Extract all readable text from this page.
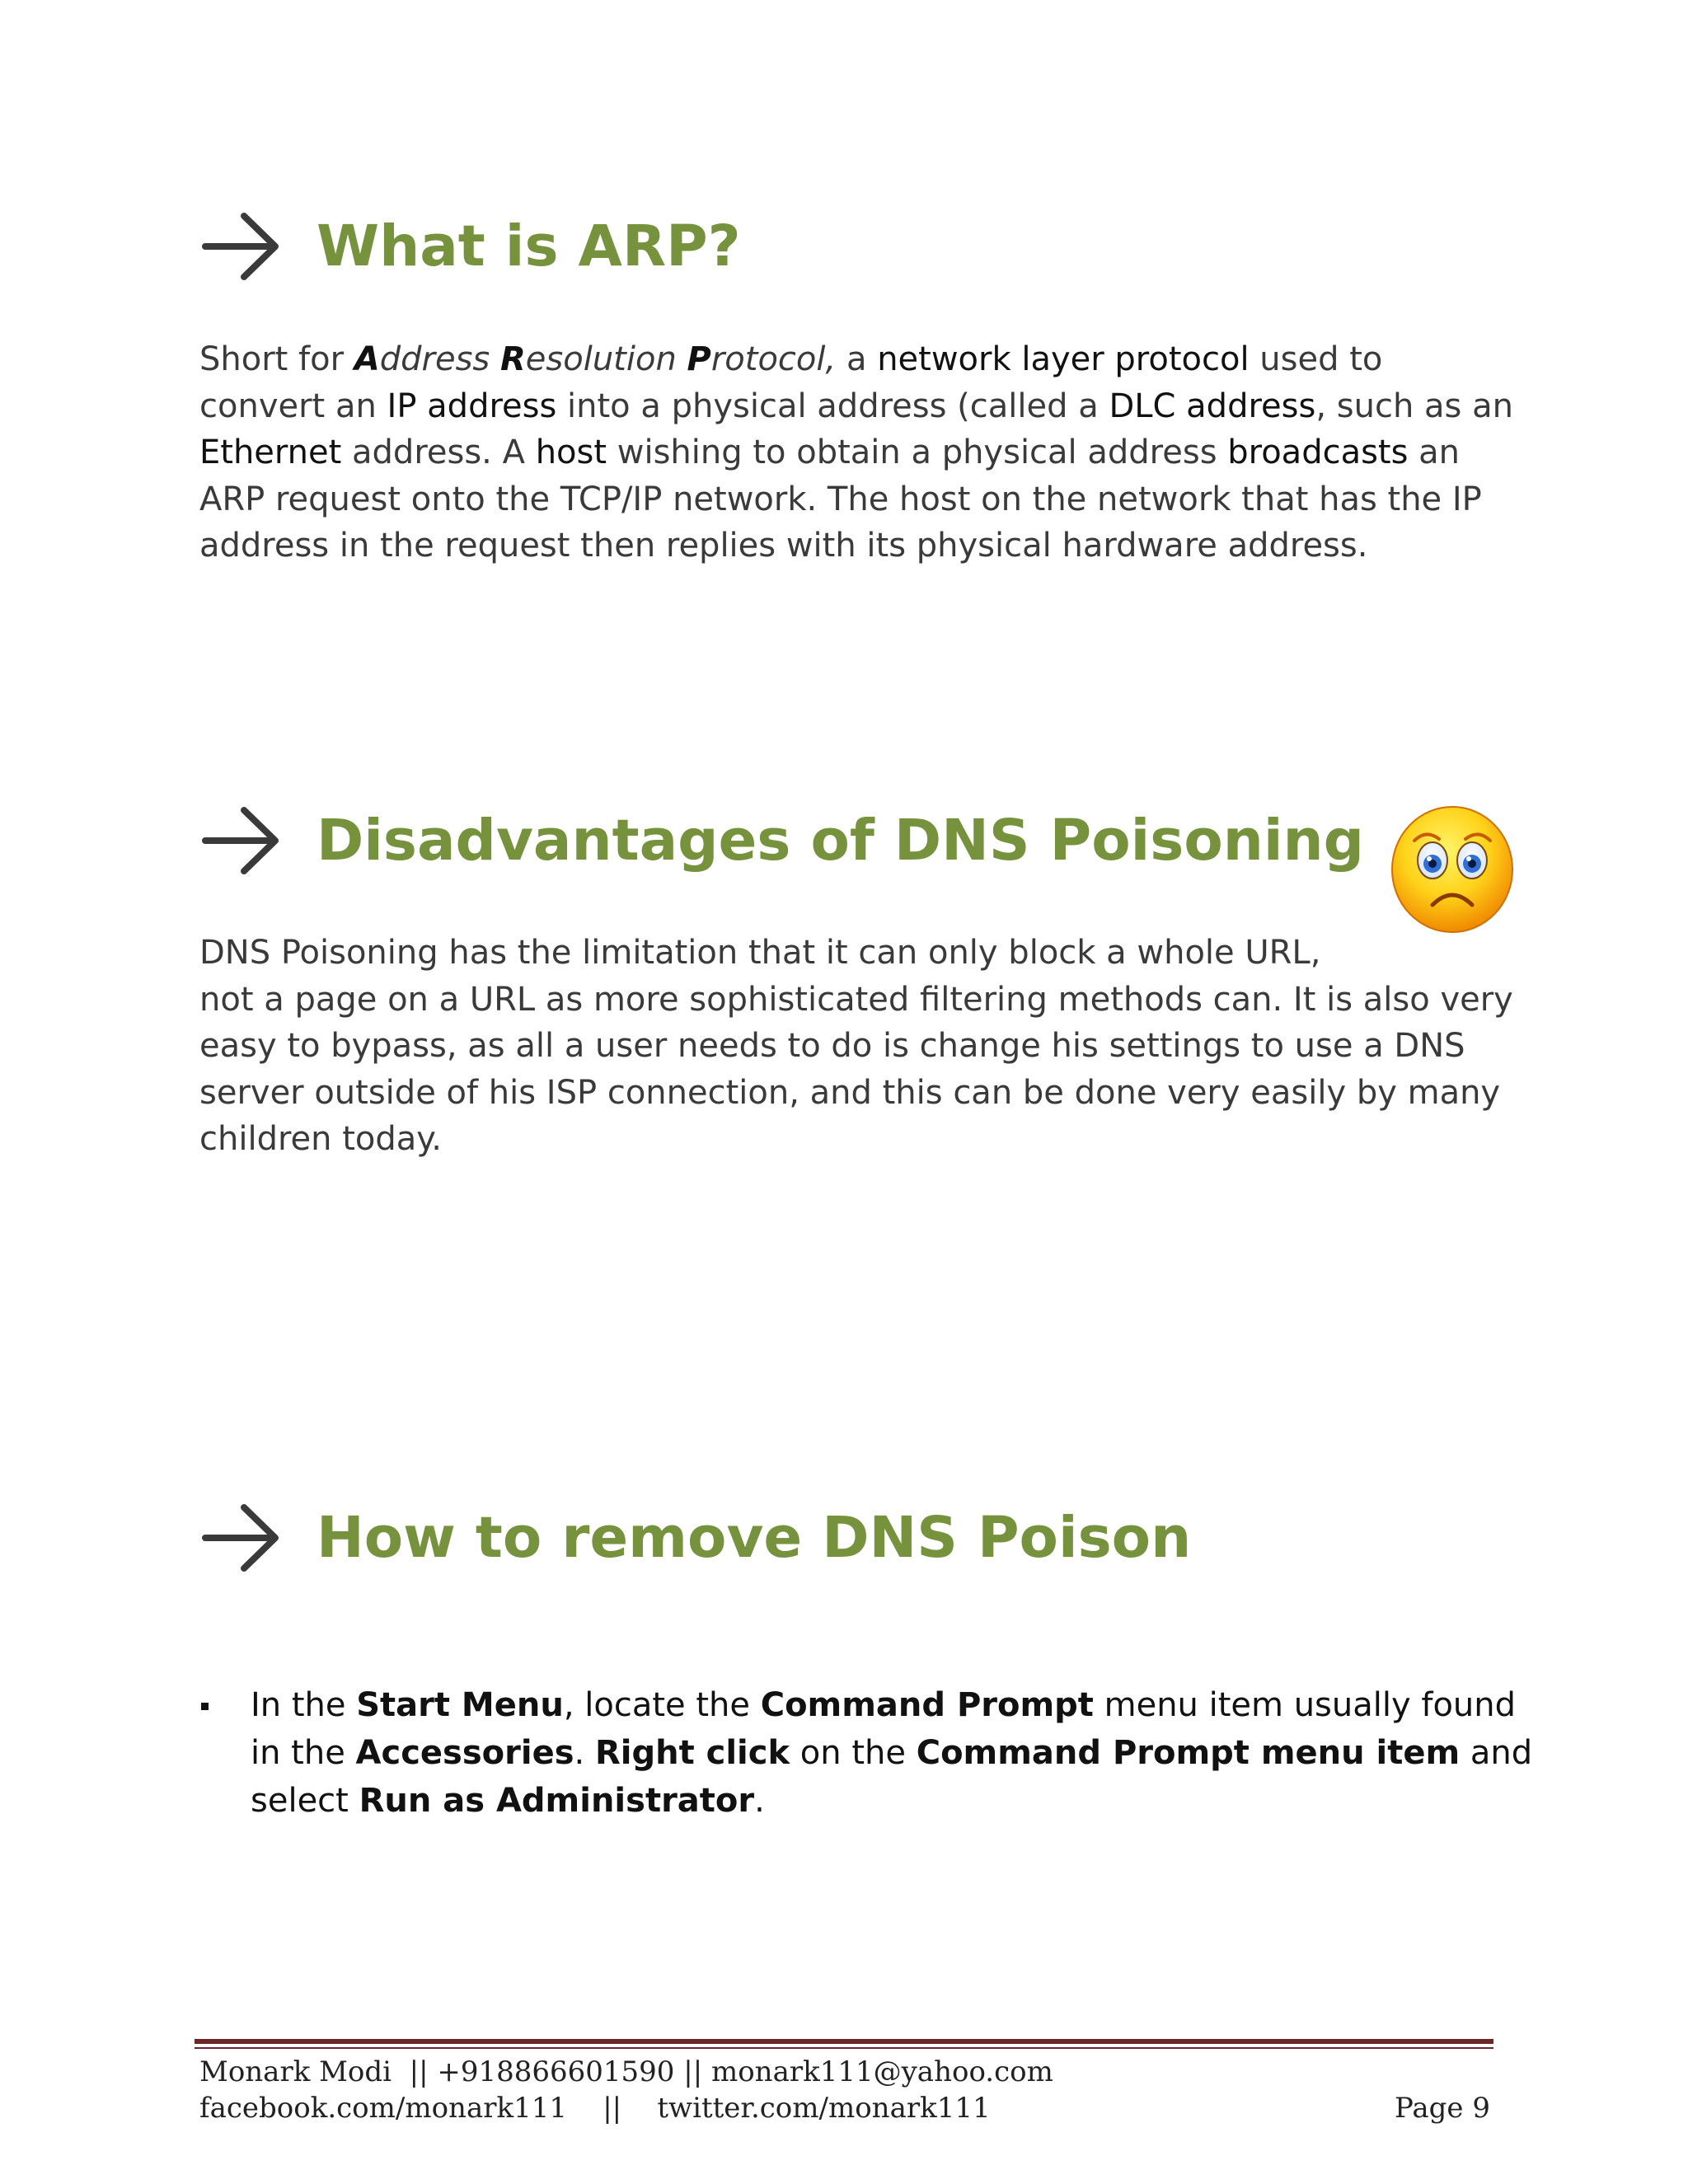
What is ARP?

Short for Address Resolution Protocol, a network layer protocol used to convert an IP address into a physical address (called a DLC address, such as an Ethernet address. A host wishing to obtain a physical address broadcasts an ARP request onto the TCP/IP network. The host on the network that has the IP address in the request then replies with its physical hardware address.

Disadvantages of DNS Poisoning

DNS Poisoning has the limitation that it can only block a whole URL,
not a page on a URL as more sophisticated filtering methods can. It is also very easy to bypass, as all a user needs to do is change his settings to use a DNS server outside of his ISP connection, and this can be done very easily by many children today.

How to remove DNS Poison
In the Start Menu, locate the Command Prompt menu item usually found in the Accessories. Right click on the Command Prompt menu item and select Run as Administrator.
Monark Modi  || +918866601590 || monark111@yahoo.com
facebook.com/monark111    ||    twitter.com/monark111	Page 9
